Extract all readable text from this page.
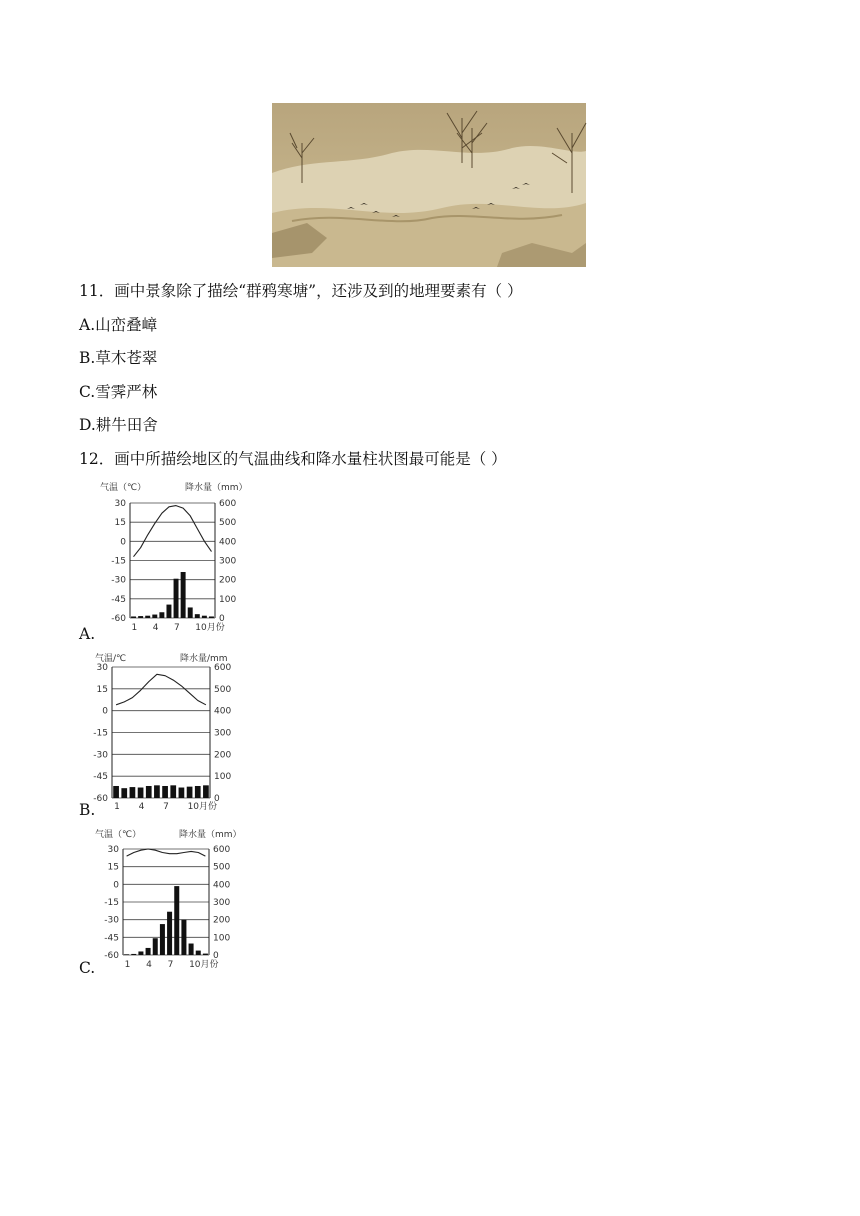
11．画中景象除了描绘“群鸦寒塘”，还涉及到的地理要素有（ ）
A.山峦叠嶂
B.草木苍翠
C.雪霁严林
D.耕牛田舍
12．画中所描绘地区的气温曲线和降水量柱状图最可能是（ ）
A.
B.
C.
气温（℃）	降水量（mm）
30	600
15	500
0	400
-15	300
-30	200
-45	100
-60	0
1 4 7 10月份
气温/℃	降水量/mm
30	600
15	500
0	400
-15	300
-30	200
-45	100
-60	0
1 4 7 10月份
气温（℃）	降水量（mm）
30	600
15	500
0	400
-15	300
-30	200
-45	100
-60	0
1 4 7 10月份
